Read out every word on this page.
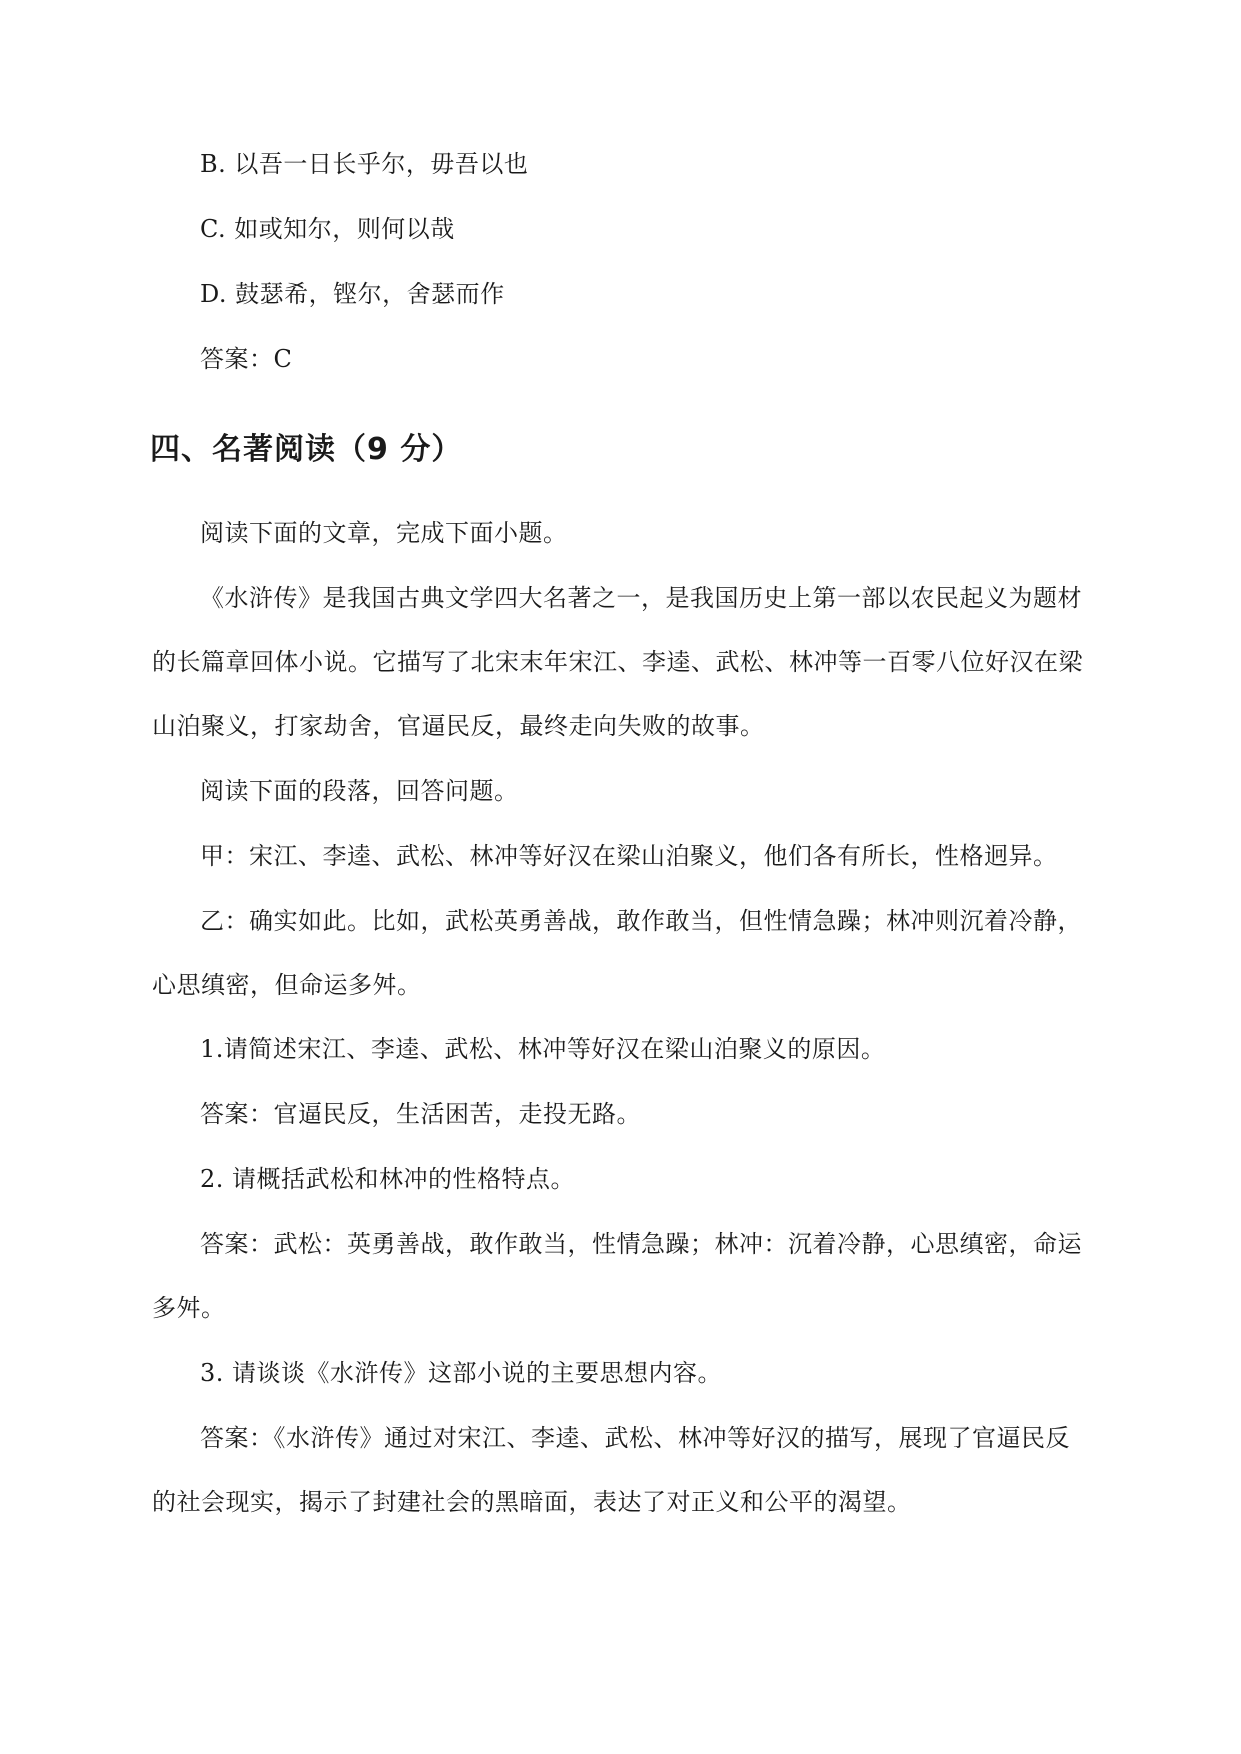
B. 以吾一日长乎尔，毋吾以也
C. 如或知尔，则何以哉
D. 鼓瑟希，铿尔，舍瑟而作
答案：C
四、名著阅读（9 分）
阅读下面的文章，完成下面小题。
《水浒传》是我国古典文学四大名著之一，是我国历史上第一部以农民起义为题材
的长篇章回体小说。它描写了北宋末年宋江、李逵、武松、林冲等一百零八位好汉在梁
山泊聚义，打家劫舍，官逼民反，最终走向失败的故事。
阅读下面的段落，回答问题。
甲：宋江、李逵、武松、林冲等好汉在梁山泊聚义，他们各有所长，性格迥异。
乙：确实如此。比如，武松英勇善战，敢作敢当，但性情急躁；林冲则沉着冷静，
心思缜密，但命运多舛。
1.请简述宋江、李逵、武松、林冲等好汉在梁山泊聚义的原因。
答案：官逼民反，生活困苦，走投无路。
2. 请概括武松和林冲的性格特点。
答案：武松：英勇善战，敢作敢当，性情急躁；林冲：沉着冷静，心思缜密，命运
多舛。
3. 请谈谈《水浒传》这部小说的主要思想内容。
答案：《水浒传》通过对宋江、李逵、武松、林冲等好汉的描写，展现了官逼民反
的社会现实，揭示了封建社会的黑暗面，表达了对正义和公平的渴望。
